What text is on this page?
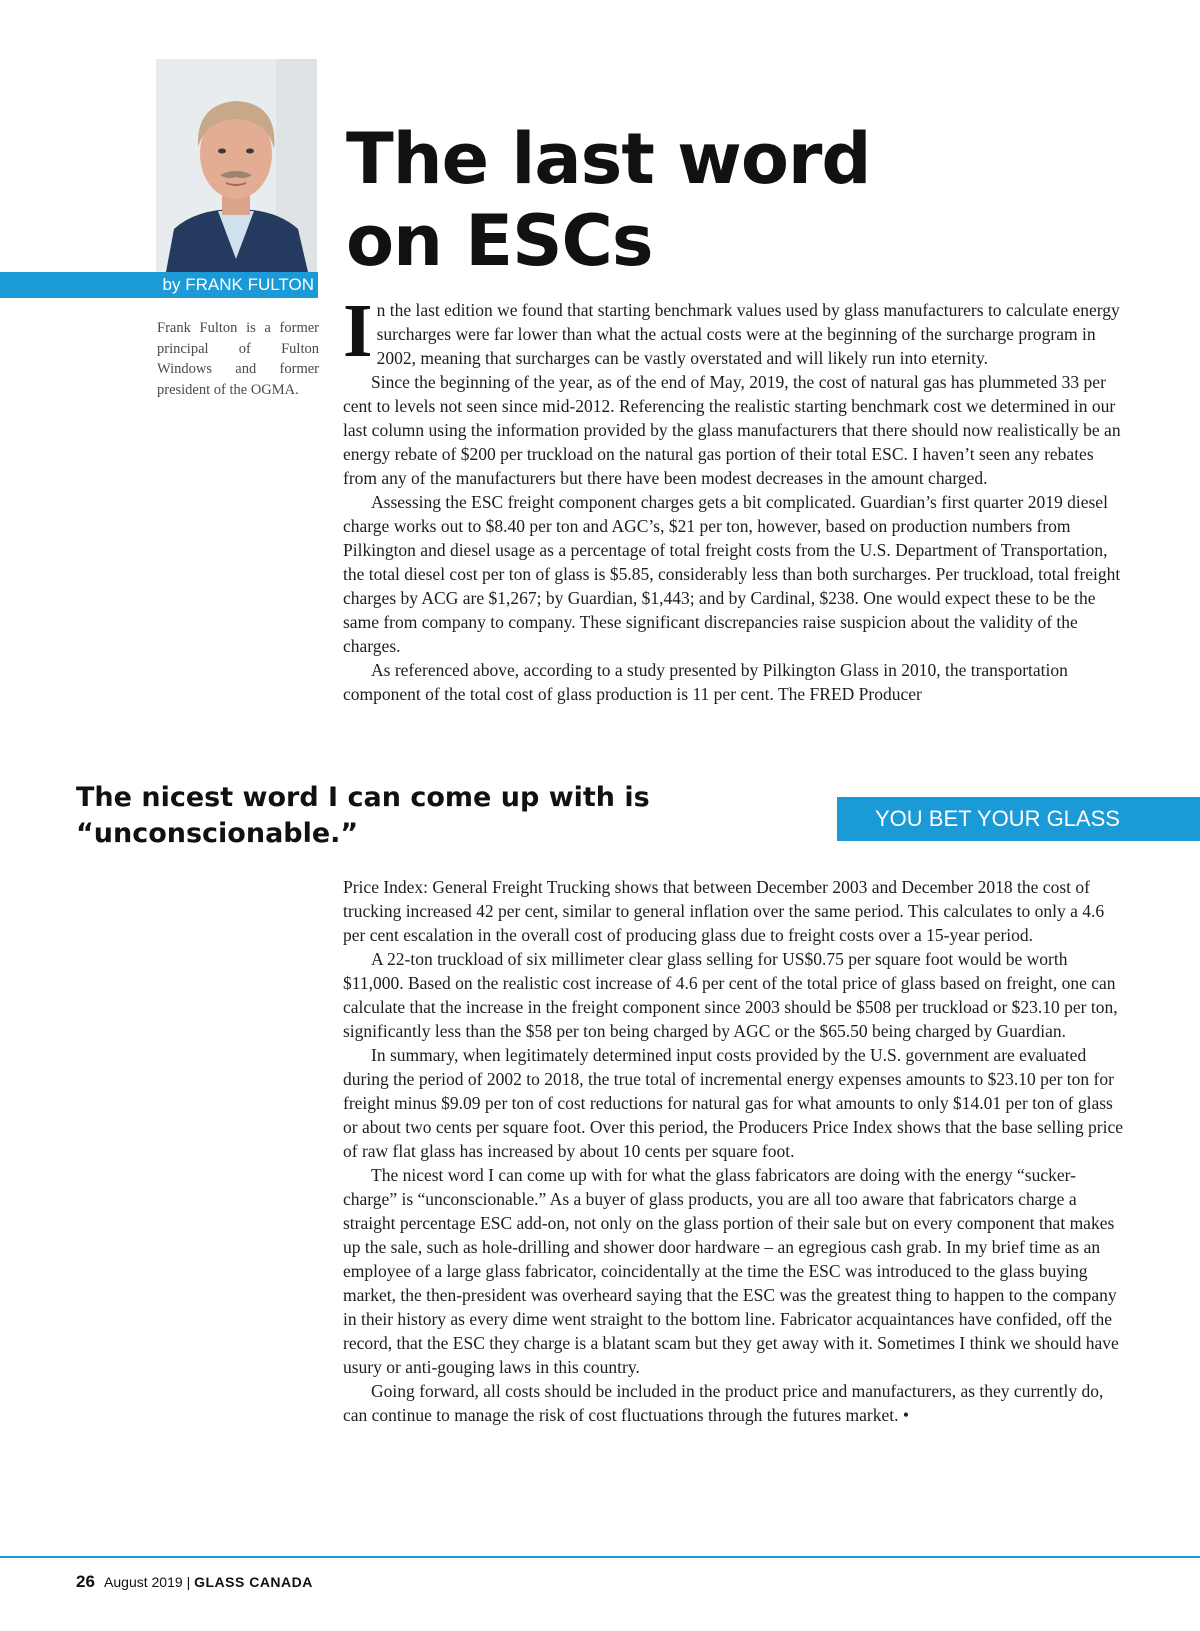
by FRANK FULTON
Frank Fulton is a former principal of Fulton Windows and former president of the OGMA.
The last word
on ESCs

In the last edition we found that starting benchmark values used by glass manufacturers to calculate energy surcharges were far lower than what the actual costs were at the beginning of the surcharge program in 2002, meaning that surcharges can be vastly overstated and will likely run into eternity.

Since the beginning of the year, as of the end of May, 2019, the cost of natural gas has plummeted 33 per cent to levels not seen since mid-2012. Referencing the realistic starting benchmark cost we determined in our last column using the information provided by the glass manufacturers that there should now realistically be an energy rebate of $200 per truckload on the natural gas portion of their total ESC. I haven’t seen any rebates from any of the manufacturers but there have been modest decreases in the amount charged.

Assessing the ESC freight component charges gets a bit complicated. Guardian’s first quarter 2019 diesel charge works out to $8.40 per ton and AGC’s, $21 per ton, however, based on production numbers from Pilkington and diesel usage as a percentage of total freight costs from the U.S. Department of Transportation, the total diesel cost per ton of glass is $5.85, considerably less than both surcharges. Per truckload, total freight charges by ACG are $1,267; by Guardian, $1,443; and by Cardinal, $238. One would expect these to be the same from company to company. These significant discrepancies raise suspicion about the validity of the charges.

As referenced above, according to a study presented by Pilkington Glass in 2010, the transportation component of the total cost of glass production is 11 per cent. The FRED Producer

The nicest word I can come up with is
“unconscionable.”	YOU BET YOUR GLASS

Price Index: General Freight Trucking shows that between December 2003 and December 2018 the cost of trucking increased 42 per cent, similar to general inflation over the same period. This calculates to only a 4.6 per cent escalation in the overall cost of producing glass due to freight costs over a 15-year period.

A 22-ton truckload of six millimeter clear glass selling for US$0.75 per square foot would be worth $11,000. Based on the realistic cost increase of 4.6 per cent of the total price of glass based on freight, one can calculate that the increase in the freight component since 2003 should be $508 per truckload or $23.10 per ton, significantly less than the $58 per ton being charged by AGC or the $65.50 being charged by Guardian.

In summary, when legitimately determined input costs provided by the U.S. government are evaluated during the period of 2002 to 2018, the true total of incremental energy expenses amounts to $23.10 per ton for freight minus $9.09 per ton of cost reductions for natural gas for what amounts to only $14.01 per ton of glass or about two cents per square foot. Over this period, the Producers Price Index shows that the base selling price of raw flat glass has increased by about 10 cents per square foot.

The nicest word I can come up with for what the glass fabricators are doing with the energy “sucker-charge” is “unconscionable.” As a buyer of glass products, you are all too aware that fabricators charge a straight percentage ESC add-on, not only on the glass portion of their sale but on every component that makes up the sale, such as hole-drilling and shower door hardware – an egregious cash grab. In my brief time as an employee of a large glass fabricator, coincidentally at the time the ESC was introduced to the glass buying market, the then-president was overheard saying that the ESC was the greatest thing to happen to the company in their history as every dime went straight to the bottom line. Fabricator acquaintances have confided, off the record, that the ESC they charge is a blatant scam but they get away with it. Sometimes I think we should have usury or anti-gouging laws in this country.

Going forward, all costs should be included in the product price and manufacturers, as they currently do, can continue to manage the risk of cost fluctuations through the futures market. •

26 August 2019 | GLASS CANADA
